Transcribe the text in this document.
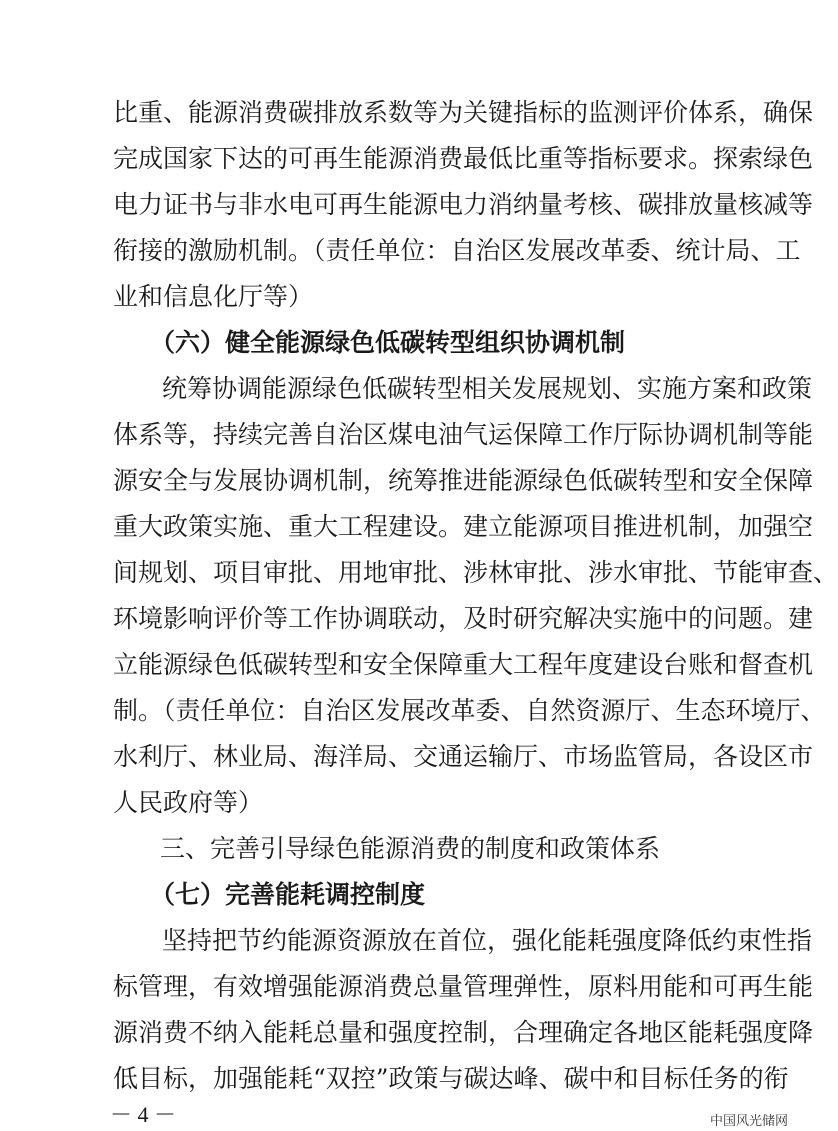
－ 4 －	中国风光储网
比重、能源消费碳排放系数等为关键指标的监测评价体系，确保
完成国家下达的可再生能源消费最低比重等指标要求。探索绿色
电力证书与非水电可再生能源电力消纳量考核、碳排放量核减等
衔接的激励机制。（责任单位：自治区发展改革委、统计局、工
业和信息化厅等）
（六）健全能源绿色低碳转型组织协调机制
统筹协调能源绿色低碳转型相关发展规划、实施方案和政策
体系等，持续完善自治区煤电油气运保障工作厅际协调机制等能
源安全与发展协调机制，统筹推进能源绿色低碳转型和安全保障
重大政策实施、重大工程建设。建立能源项目推进机制，加强空
间规划、项目审批、用地审批、涉林审批、涉水审批、节能审查、
环境影响评价等工作协调联动，及时研究解决实施中的问题。建
立能源绿色低碳转型和安全保障重大工程年度建设台账和督查机
制。（责任单位：自治区发展改革委、自然资源厅、生态环境厅、
水利厅、林业局、海洋局、交通运输厅、市场监管局，各设区市
人民政府等）
三、完善引导绿色能源消费的制度和政策体系
（七）完善能耗调控制度
坚持把节约能源资源放在首位，强化能耗强度降低约束性指
标管理，有效增强能源消费总量管理弹性，原料用能和可再生能
源消费不纳入能耗总量和强度控制，合理确定各地区能耗强度降
低目标，加强能耗“双控”政策与碳达峰、碳中和目标任务的衔
